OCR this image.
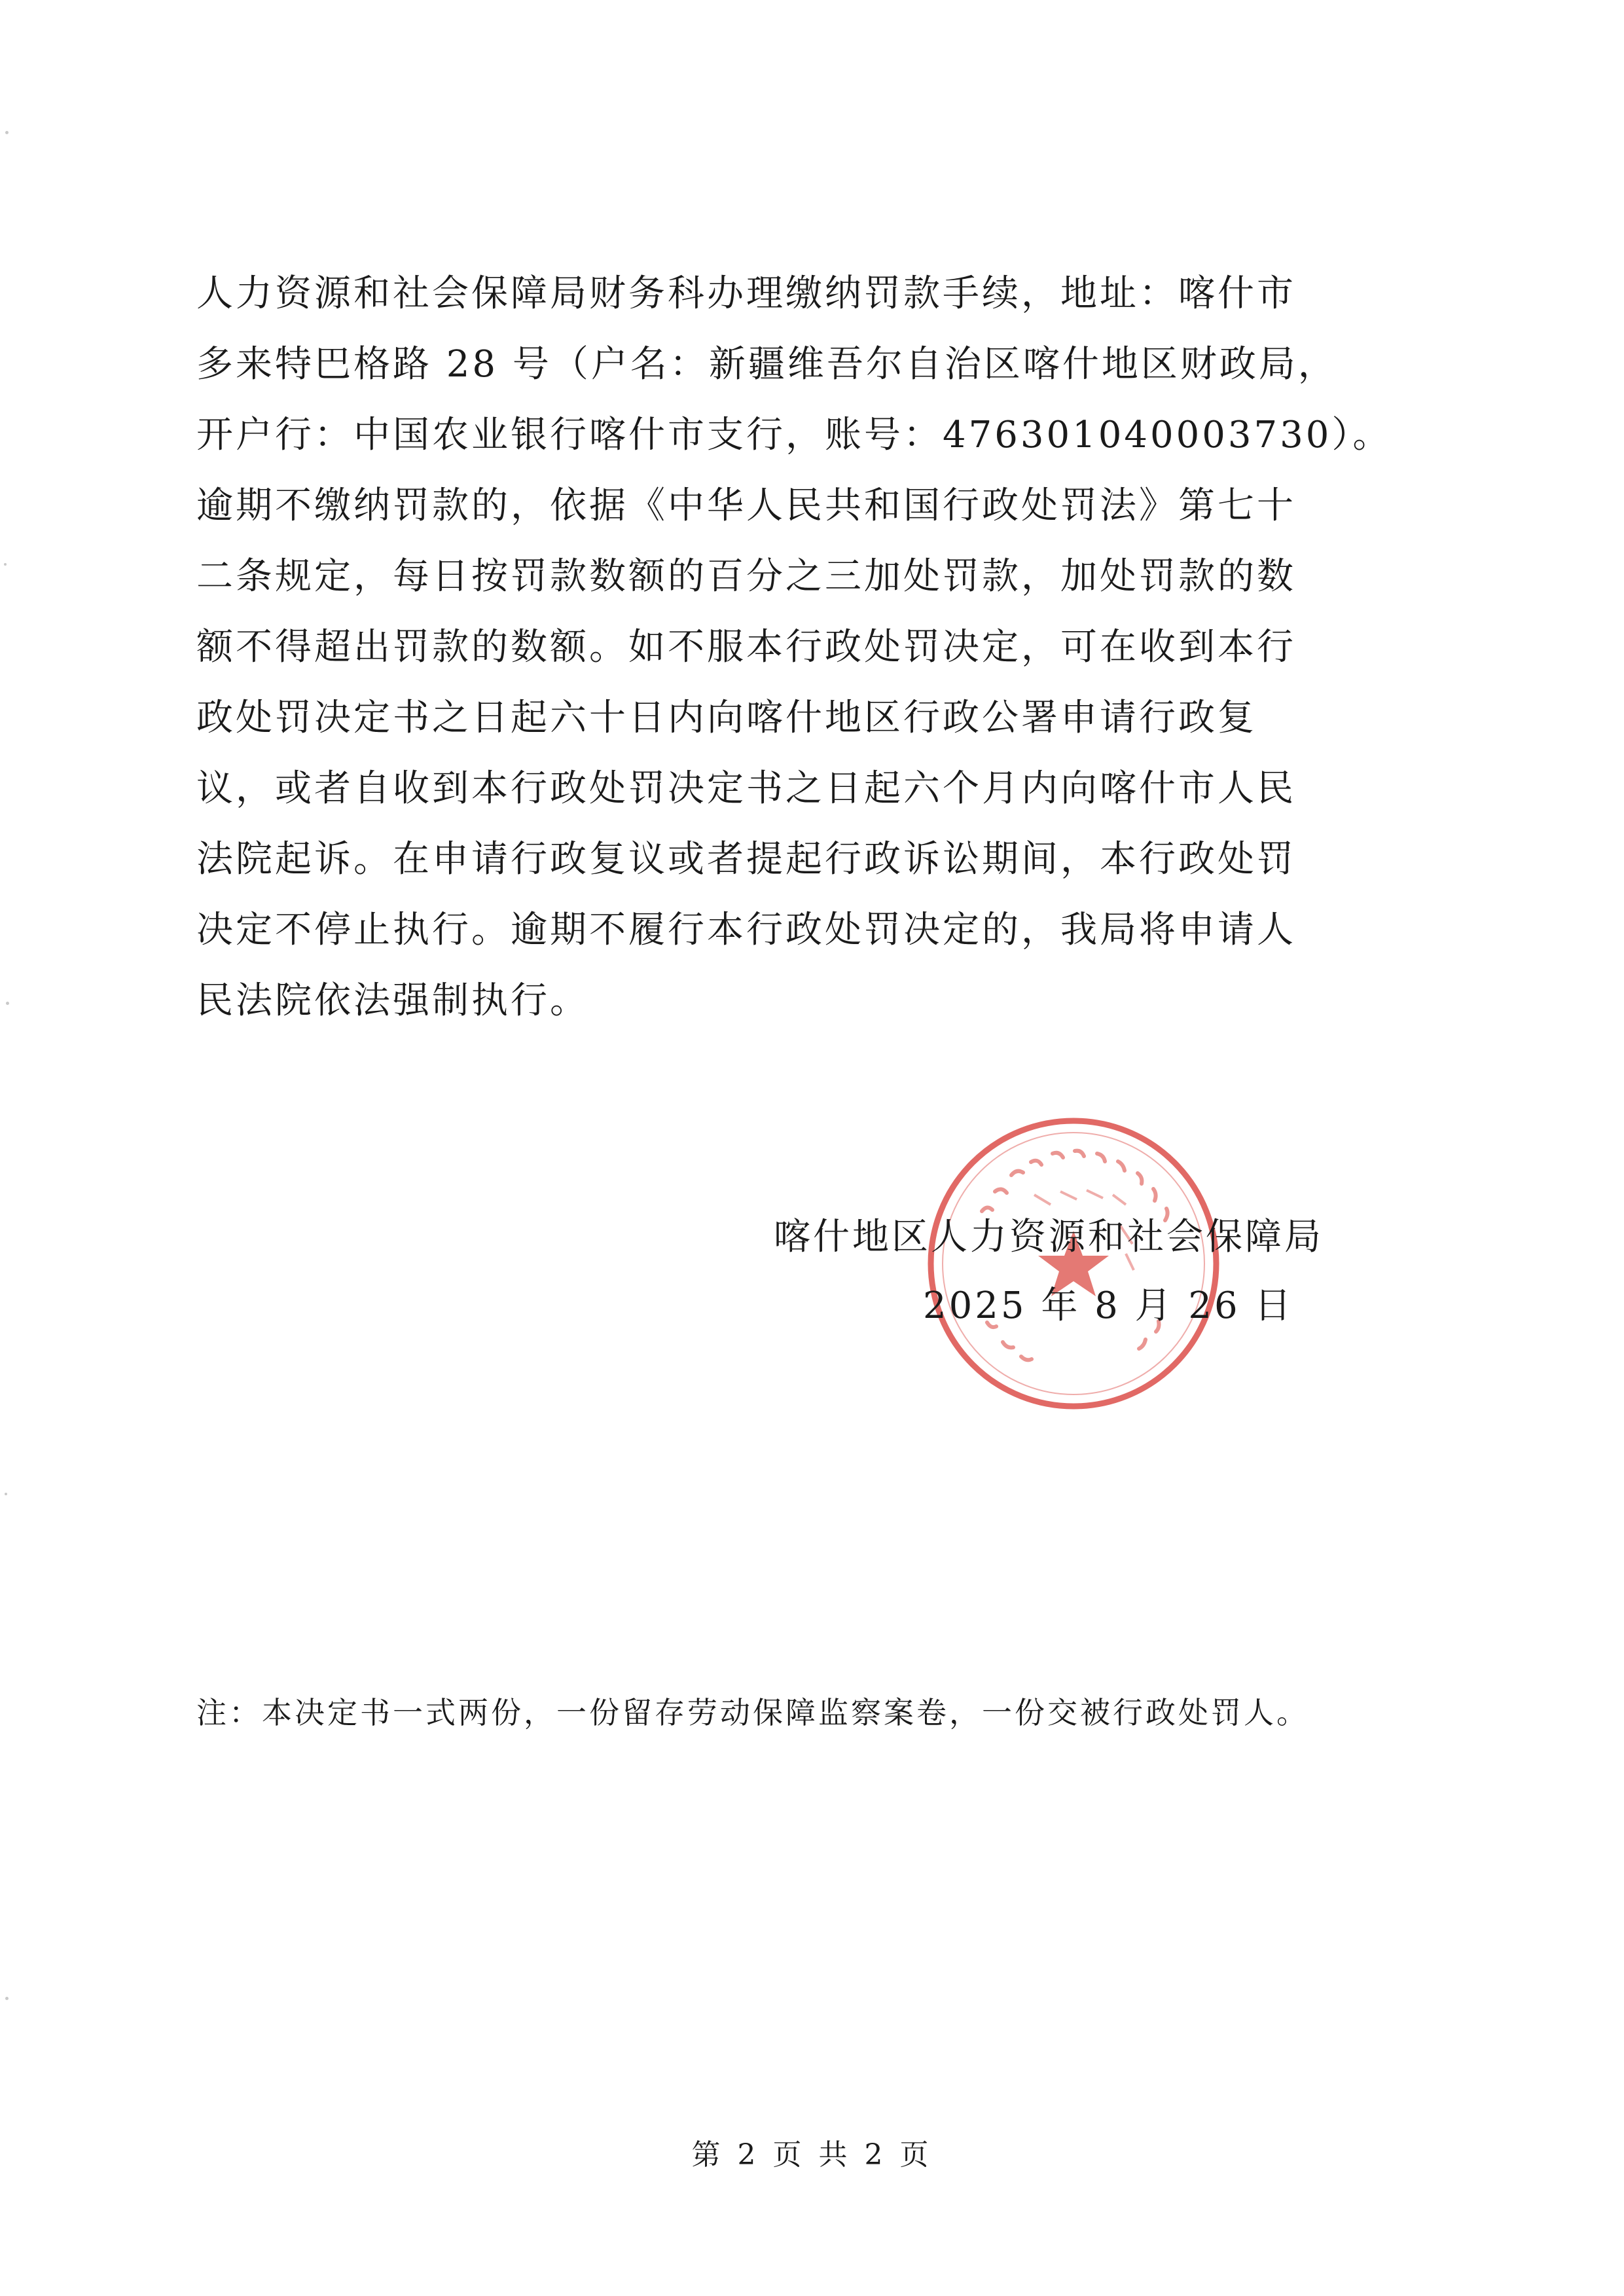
人力资源和社会保障局财务科办理缴纳罚款手续，地址：喀什市
多来特巴格路 28 号（户名：新疆维吾尔自治区喀什地区财政局，
开户行：中国农业银行喀什市支行，账号：476301040003730）。
逾期不缴纳罚款的，依据《中华人民共和国行政处罚法》第七十
二条规定，每日按罚款数额的百分之三加处罚款，加处罚款的数
额不得超出罚款的数额。如不服本行政处罚决定，可在收到本行
政处罚决定书之日起六十日内向喀什地区行政公署申请行政复
议，或者自收到本行政处罚决定书之日起六个月内向喀什市人民
法院起诉。在申请行政复议或者提起行政诉讼期间，本行政处罚
决定不停止执行。逾期不履行本行政处罚决定的，我局将申请人
民法院依法强制执行。
喀什地区人力资源和社会保障局
2025 年 8 月 26 日
注：本决定书一式两份，一份留存劳动保障监察案卷，一份交被行政处罚人。
第 2 页 共 2 页
